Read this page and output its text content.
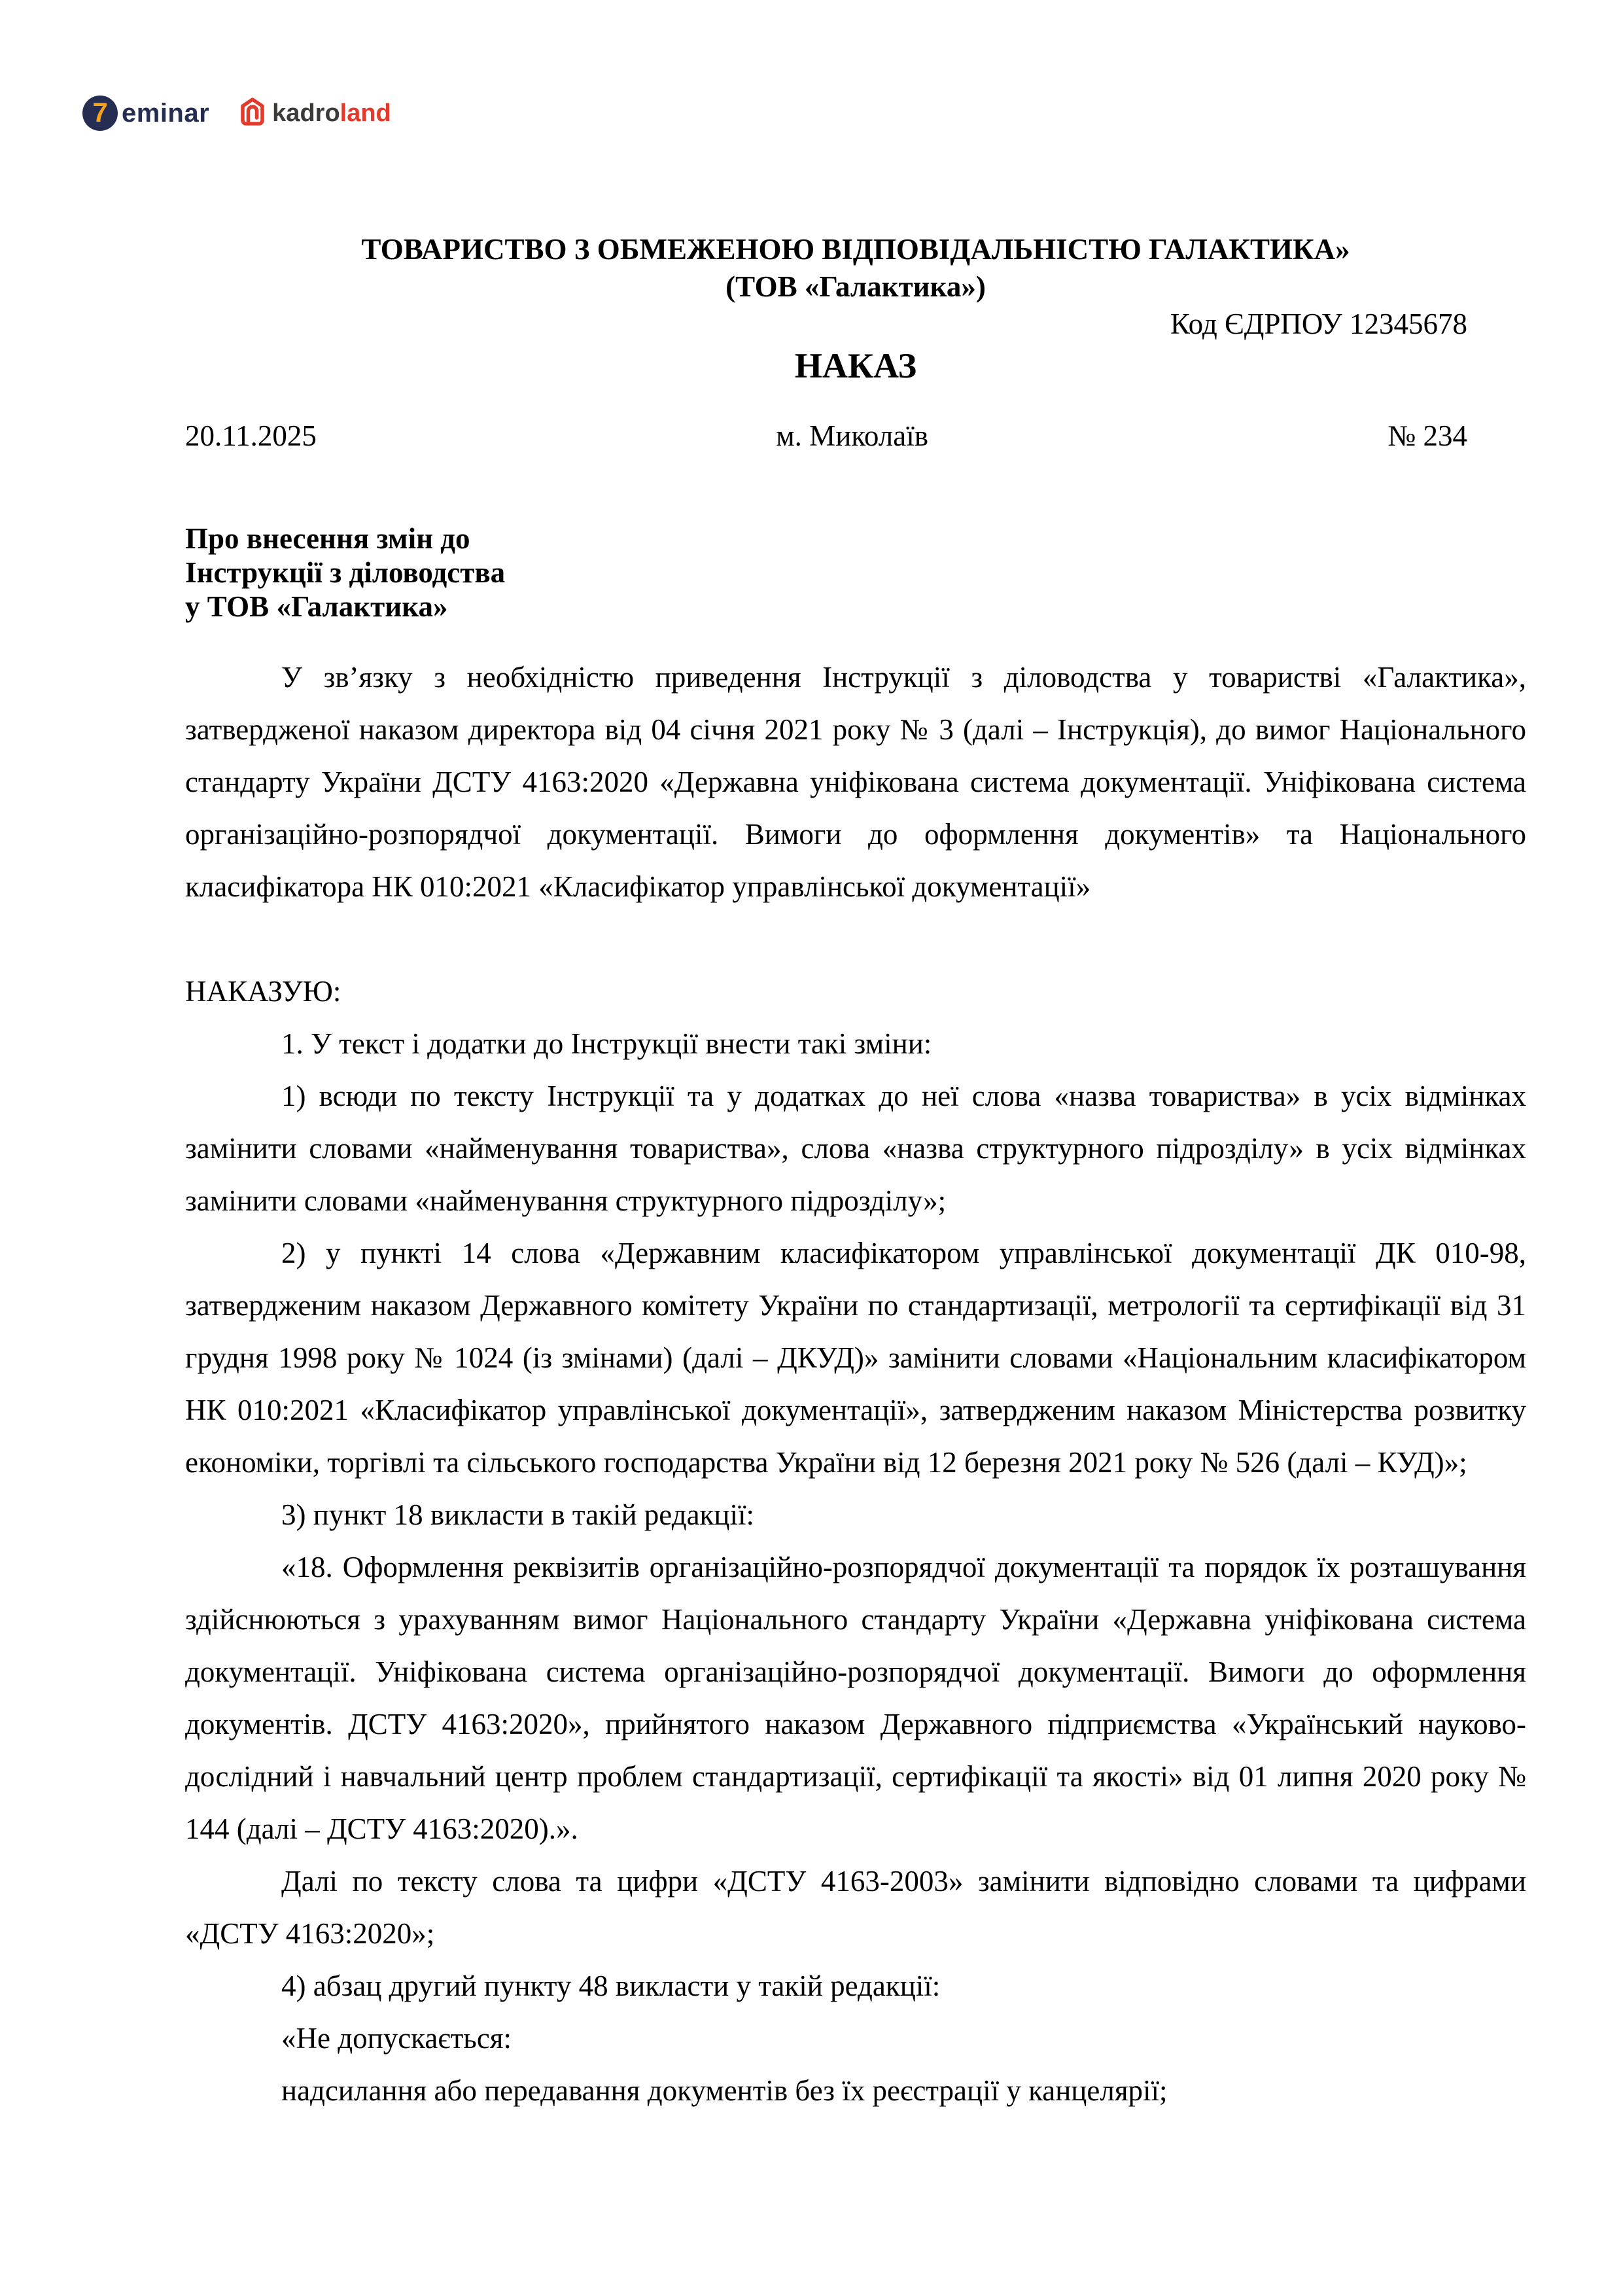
7 eminar	kadroland
ТОВАРИСТВО З ОБМЕЖЕНОЮ ВІДПОВІДАЛЬНІСТЮ ГАЛАКТИКА»
(ТОВ «Галактика»)
Код ЄДРПОУ 12345678
НАКАЗ
20.11.2025	м. Миколаїв	№ 234
Про внесення змін до
Інструкції з діловодства
у ТОВ «Галактика»

У зв’язку з необхідністю приведення Інструкції з діловодства у товаристві «Галактика», затвердженої наказом директора від 04 січня 2021 року № 3 (далі – Інструкція), до вимог Національного стандарту України ДСТУ 4163:2020 «Державна уніфікована система документації. Уніфікована система організаційно-розпорядчої документації. Вимоги до оформлення документів» та Національного класифікатора НК 010:2021 «Класифікатор управлінської документації»

НАКАЗУЮ:

1. У текст і додатки до Інструкції внести такі зміни:

1) всюди по тексту Інструкції та у додатках до неї слова «назва товариства» в усіх відмінках замінити словами «найменування товариства», слова «назва структурного підрозділу» в усіх відмінках замінити словами «найменування структурного підрозділу»;

2) у пункті 14 слова «Державним класифікатором управлінської документації ДК 010-98, затвердженим наказом Державного комітету України по стандартизації, метрології та сертифікації від 31 грудня 1998 року № 1024 (із змінами) (далі – ДКУД)» замінити словами «Національним класифікатором НК 010:2021 «Класифікатор управлінської документації», затвердженим наказом Міністерства розвитку економіки, торгівлі та сільського господарства України від 12 березня 2021 року № 526 (далі – КУД)»;

3) пункт 18 викласти в такій редакції:

«18. Оформлення реквізитів організаційно-розпорядчої документації та порядок їх розташування здійснюються з урахуванням вимог Національного стандарту України «Державна уніфікована система документації. Уніфікована система організаційно-розпорядчої документації. Вимоги до оформлення документів. ДСТУ 4163:2020», прийнятого наказом Державного підприємства «Український науково-дослідний і навчальний центр проблем стандартизації, сертифікації та якості» від 01 липня 2020 року № 144 (далі – ДСТУ 4163:2020).».

Далі по тексту слова та цифри «ДСТУ 4163-2003» замінити відповідно словами та цифрами «ДСТУ 4163:2020»;

4) абзац другий пункту 48 викласти у такій редакції:

«Не допускається:

надсилання або передавання документів без їх реєстрації у канцелярії;
